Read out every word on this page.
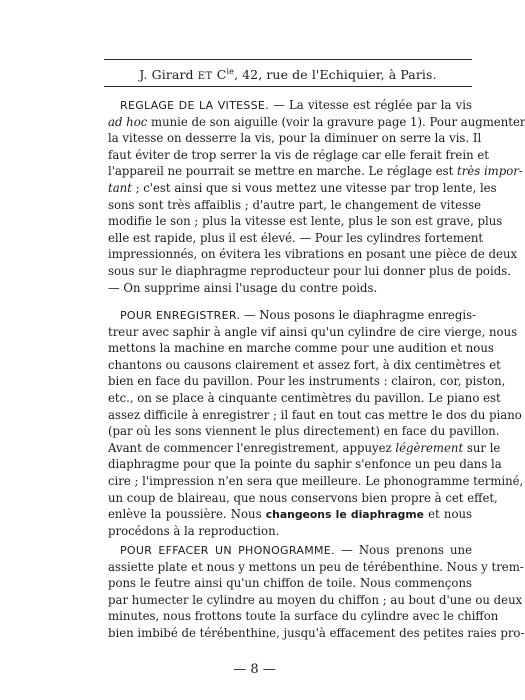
J. Girard ET $C^{ie}$, 42, rue de l'Echiquier, à Paris.
REGLAGE DE LA VITESSE. — La vitesse est réglée par la vis
ad hoc munie de son aiguille (voir la gravure page 1). Pour augmenter
la vitesse on desserre la vis, pour la diminuer on serre la vis. Il
faut éviter de trop serrer la vis de réglage car elle ferait frein et
l'appareil ne pourrait se mettre en marche. Le réglage est très impor-
tant ; c'est ainsi que si vous mettez une vitesse par trop lente, les
sons sont très affaiblis ; d'autre part, le changement de vitesse
modifie le son ; plus la vitesse est lente, plus le son est grave, plus
elle est rapide, plus il est élevé. — Pour les cylindres fortement
impressionnés, on évitera les vibrations en posant une pièce de deux
sous sur le diaphragme reproducteur pour lui donner plus de poids.
— On supprime ainsi l'usage du contre poids.
POUR ENREGISTRER. — Nous posons le diaphragme enregis-
treur avec saphir à angle vif ainsi qu'un cylindre de cire vierge, nous
mettons la machine en marche comme pour une audition et nous
chantons ou causons clairement et assez fort, à dix centimètres et
bien en face du pavillon. Pour les instruments : clairon, cor, piston,
etc., on se place à cinquante centimètres du pavillon. Le piano est
assez difficile à enregistrer ; il faut en tout cas mettre le dos du piano
(par où les sons viennent le plus directement) en face du pavillon.
Avant de commencer l'enregistrement, appuyez légèrement sur le
diaphragme pour que la pointe du saphir s'enfonce un peu dans la
cire ; l'impression n'en sera que meilleure. Le phonogramme terminé,
un coup de blaireau, que nous conservons bien propre à cet effet,
enlève la poussière. Nous changeons le diaphragme et nous
procédons à la reproduction.
POUR EFFACER UN PHONOGRAMME. — Nous prenons une
assiette plate et nous y mettons un peu de térébenthine. Nous y trem-
pons le feutre ainsi qu'un chiffon de toile. Nous commençons
par humecter le cylindre au moyen du chiffon ; au bout d'une ou deux
minutes, nous frottons toute la surface du cylindre avec le chiffon
bien imbibé de térébenthine, jusqu'à effacement des petites raies pro-
— 8 —
